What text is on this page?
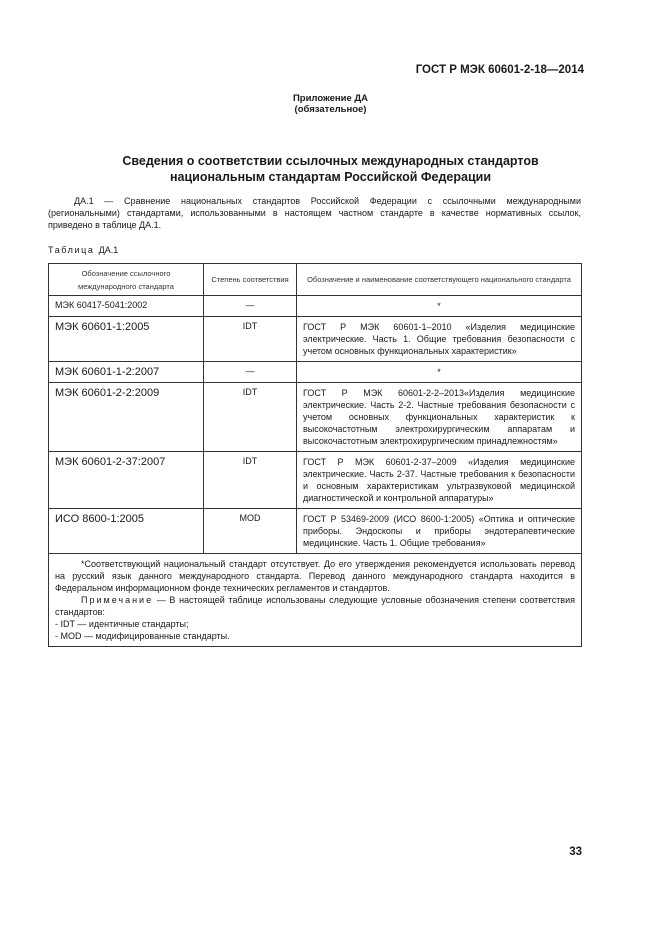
ГОСТ Р МЭК 60601-2-18—2014
Приложение ДА
(обязательное)
Сведения о соответствии ссылочных международных стандартов
национальным стандартам Российской Федерации
ДА.1 — Сравнение национальных стандартов Российской Федерации с ссылочными международными (региональными) стандартами, использованными в настоящем частном стандарте в качестве нормативных ссылок, приведено в таблице ДА.1.
Таблица ДА.1
Обозначение ссылочного международного стандарта	Степень соответствия	Обозначение и наименование соответствующего национального стандарта
МЭК 60417-5041:2002	—	*
МЭК 60601-1:2005	IDT	ГОСТ Р МЭК 60601-1–2010 «Изделия медицинские электрические. Часть 1. Общие требования безопасности с учетом основных функциональных характеристик»
МЭК 60601-1-2:2007	—	*
МЭК 60601-2-2:2009	IDT	ГОСТ Р МЭК 60601-2-2–2013«Изделия медицинские электрические. Часть 2-2. Частные требования безопасности с учетом основных функциональных характеристик к высокочастотным электрохирургическим аппаратам и высокочастотным электрохирургическим принадлежностям»
МЭК 60601-2-37:2007	IDT	ГОСТ Р МЭК 60601-2-37–2009 «Изделия медицинские электрические. Часть 2-37. Частные требования к безопасности и основным характеристикам ультразвуковой медицинской диагностической и контрольной аппаратуры»
ИСО 8600-1:2005	MOD	ГОСТ Р 53469-2009 (ИСО 8600-1:2005) «Оптика и оптические приборы. Эндоскопы и приборы эндотерапевтические медицинские. Часть 1. Общие требования»

*Соответствующий национальный стандарт отсутствует. До его утверждения рекомендуется использовать перевод на русский язык данного международного стандарта. Перевод данного международного стандарта находится в Федеральном информационном фонде технических регламентов и стандартов.

Примечание — В настоящей таблице использованы следующие условные обозначения степени соответствия стандартов:

- IDT — идентичные стандарты;

- MOD — модифицированные стандарты.		

33
